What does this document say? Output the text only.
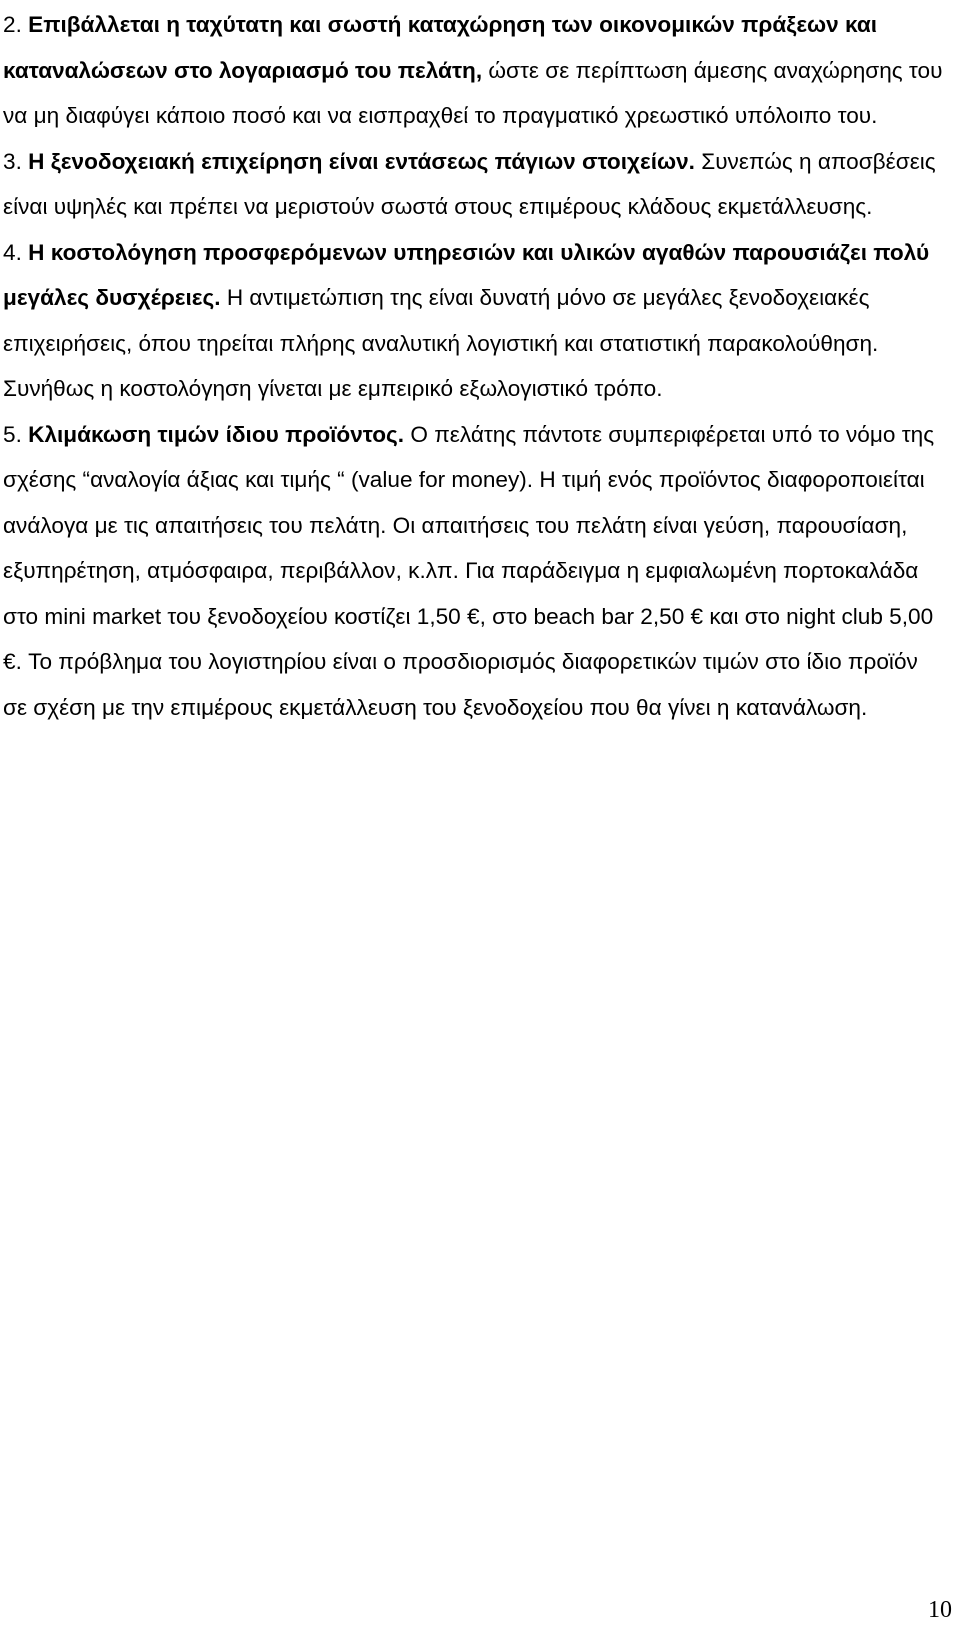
2. Επιβάλλεται η ταχύτατη και σωστή καταχώρηση των οικονομικών πράξεων και καταναλώσεων στο λογαριασμό του πελάτη, ώστε σε περίπτωση άμεσης αναχώρησης του να μη διαφύγει κάποιο ποσό και να εισπραχθεί το πραγματικό χρεωστικό υπόλοιπο του.

3. Η ξενοδοχειακή επιχείρηση είναι εντάσεως πάγιων στοιχείων. Συνεπώς η αποσβέσεις είναι υψηλές και πρέπει να μεριστούν σωστά στους επιμέρους κλάδους εκμετάλλευσης.

4. Η κοστολόγηση προσφερόμενων υπηρεσιών και υλικών αγαθών παρουσιάζει πολύ μεγάλες δυσχέρειες. Η αντιμετώπιση της είναι δυνατή μόνο σε μεγάλες ξενοδοχειακές επιχειρήσεις, όπου τηρείται πλήρης αναλυτική λογιστική και στατιστική παρακολούθηση. Συνήθως η κοστολόγηση γίνεται με εμπειρικό εξωλογιστικό τρόπο.

5. Κλιμάκωση τιμών ίδιου προϊόντος. Ο πελάτης πάντοτε συμπεριφέρεται υπό το νόμο της σχέσης “αναλογία άξιας και τιμής “ (value for money). Η τιμή ενός προϊόντος διαφοροποιείται ανάλογα με τις απαιτήσεις του πελάτη. Οι απαιτήσεις του πελάτη είναι γεύση, παρουσίαση, εξυπηρέτηση, ατμόσφαιρα, περιβάλλον, κ.λπ. Για παράδειγμα η εμφιαλωμένη πορτοκαλάδα στο mini market του ξενοδοχείου κοστίζει 1,50 €, στο beach bar 2,50 € και στο night club 5,00 €. Το πρόβλημα του λογιστηρίου είναι ο προσδιορισμός διαφορετικών τιμών στο ίδιο προϊόν σε σχέση με την επιμέρους εκμετάλλευση του ξενοδοχείου που θα γίνει η κατανάλωση.

10
